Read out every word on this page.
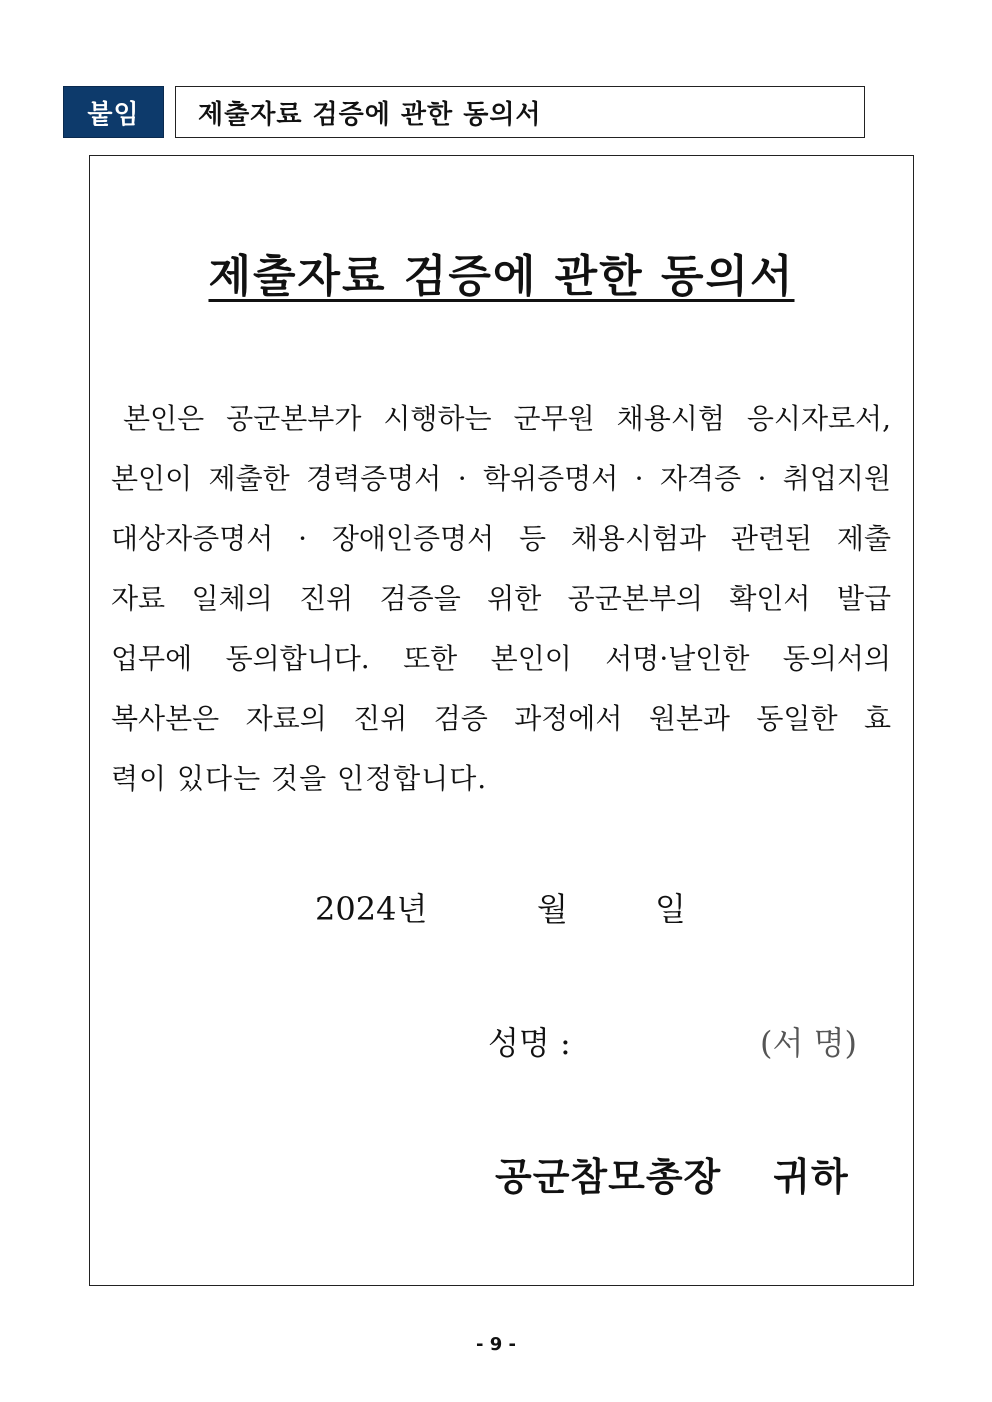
붙임	제출자료 검증에 관한 동의서
제출자료 검증에 관한 동의서
본인은 공군본부가 시행하는 군무원 채용시험 응시자로서,
본인이 제출한 경력증명서 · 학위증명서 · 자격증 · 취업지원
대상자증명서 · 장애인증명서 등 채용시험과 관련된 제출
자료 일체의 진위 검증을 위한 공군본부의 확인서 발급
업무에 동의합니다. 또한 본인이 서명·날인한 동의서의
복사본은 자료의 진위 검증 과정에서 원본과 동일한 효
력이 있다는 것을 인정합니다.
2024년	월	일
성명 :	(서 명)
공군참모총장 귀하
- 9 -
